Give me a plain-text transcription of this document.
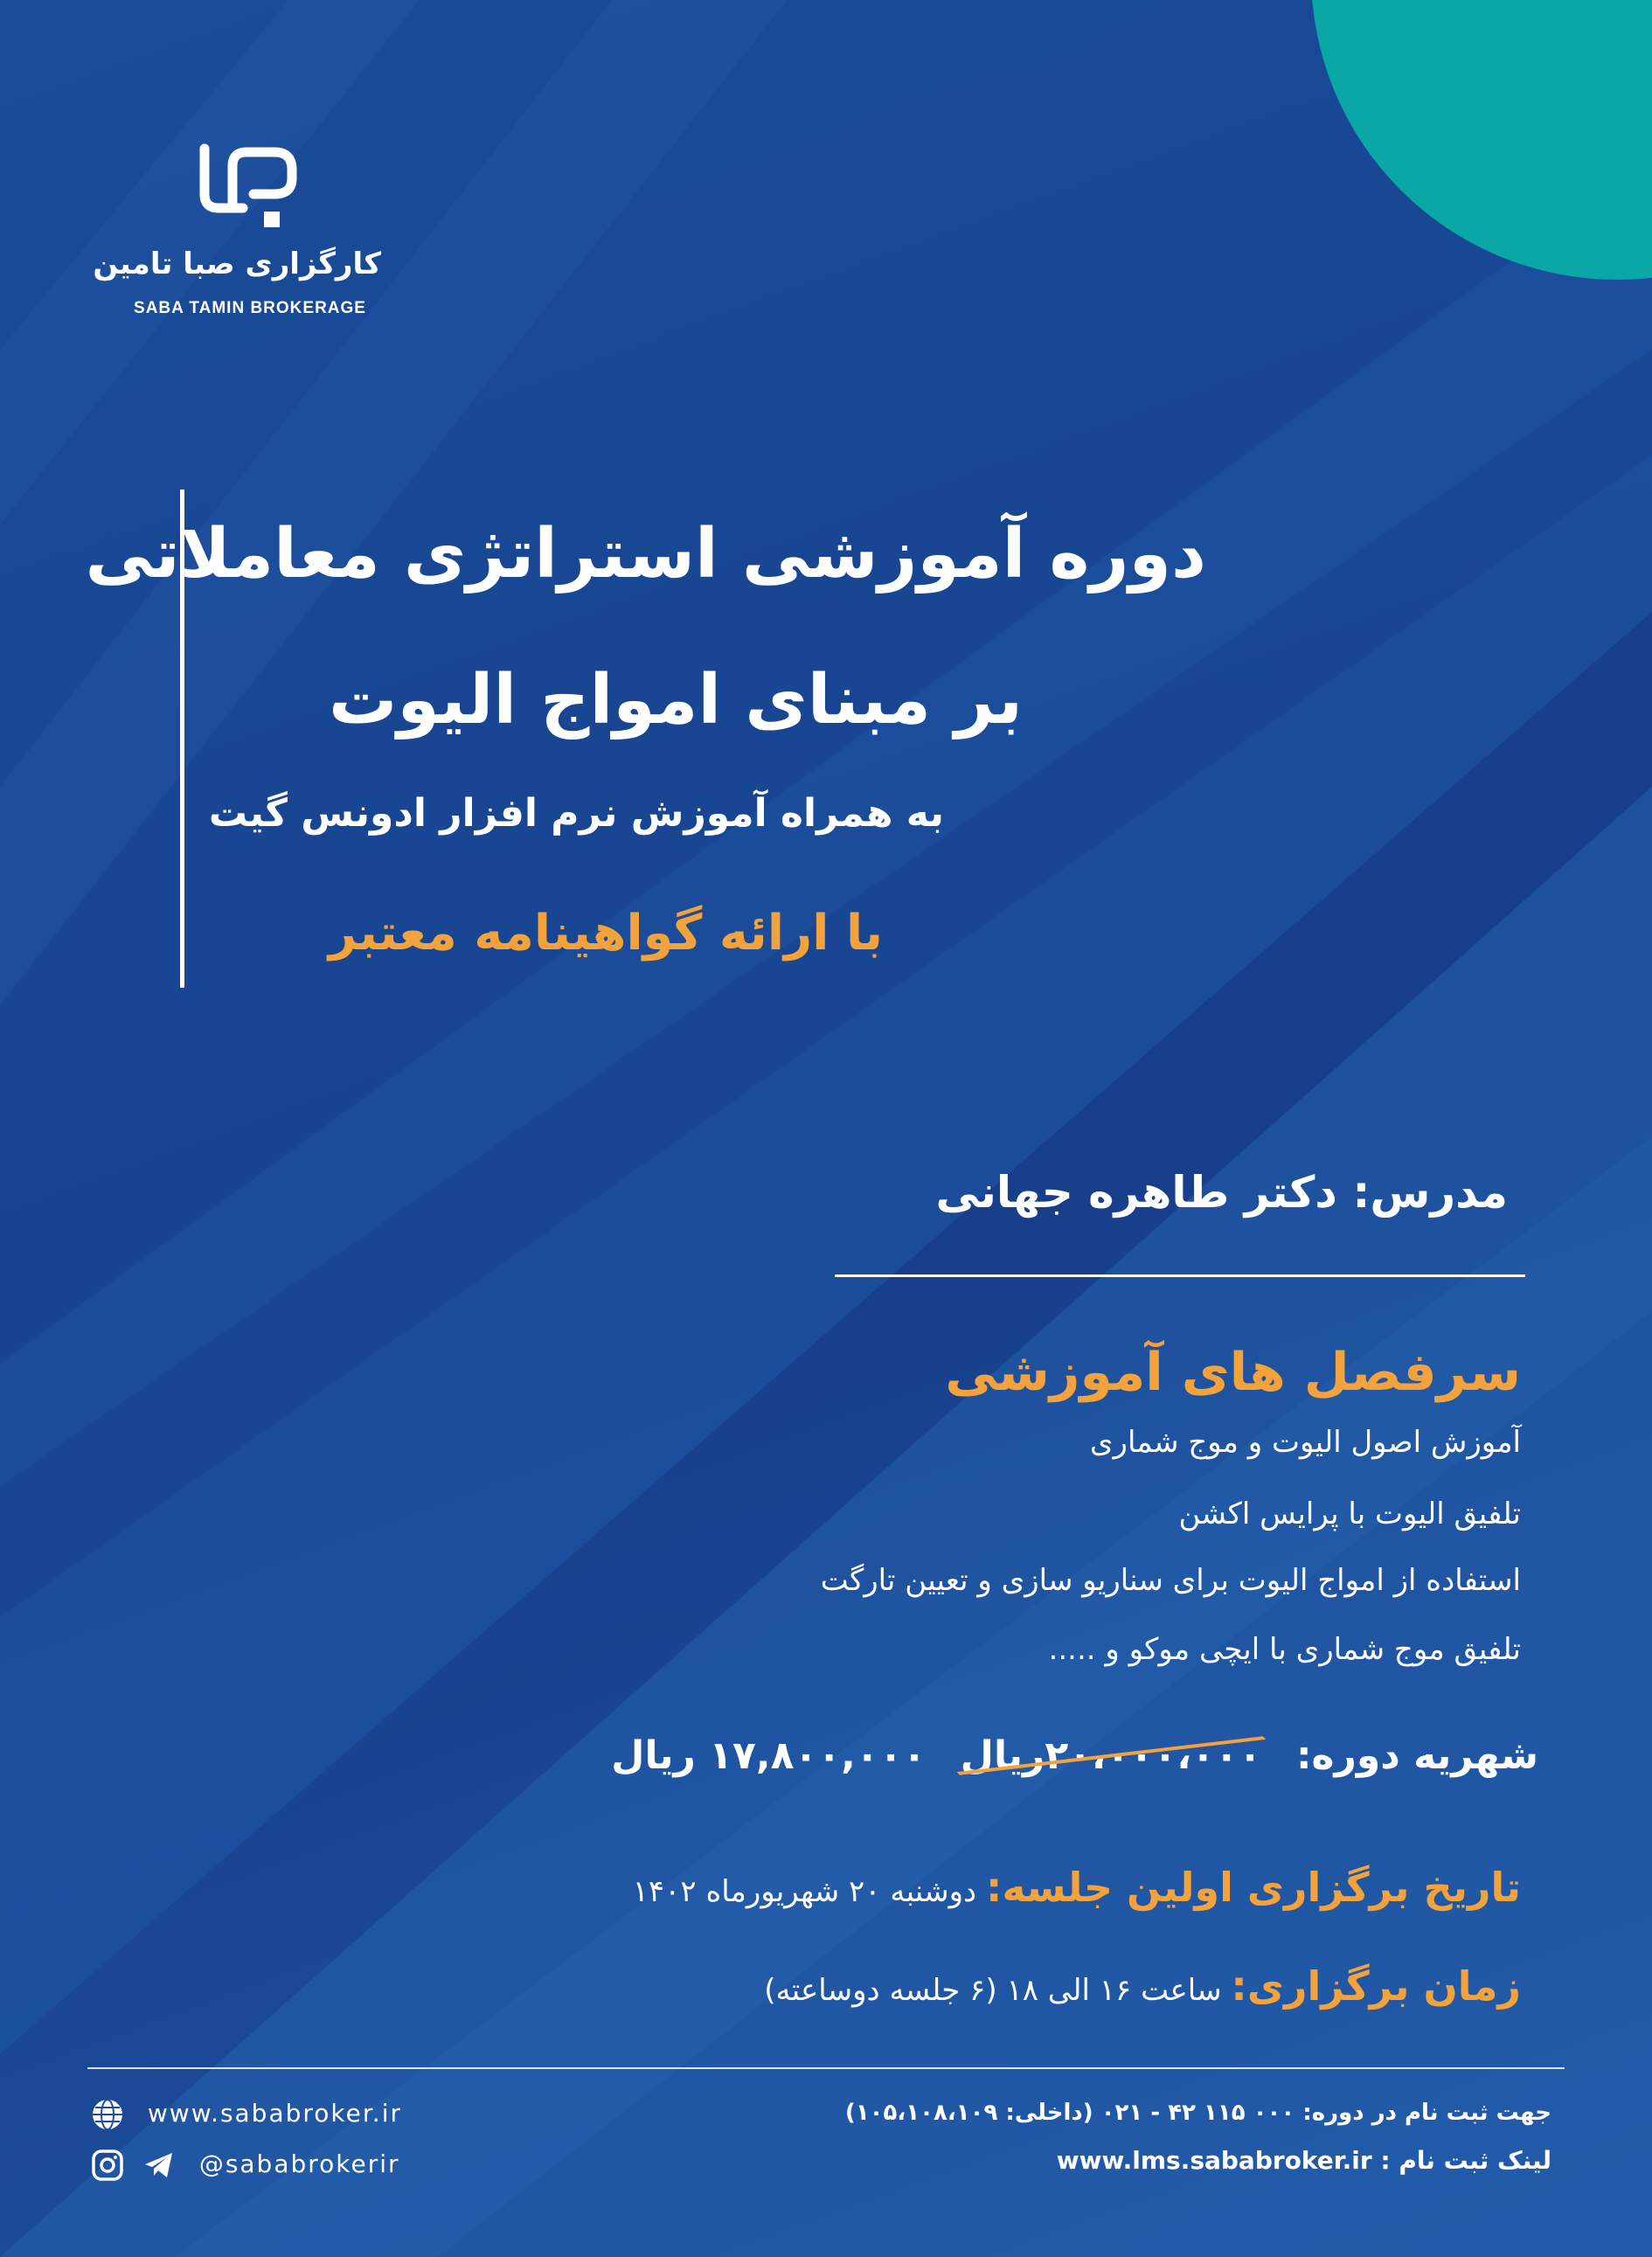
کارگزاری صبا تامین
SABA TAMIN BROKERAGE
دوره آموزشی استراتژی معاملاتی
بر مبنای امواج الیوت
به همراه آموزش نرم افزار ادونس گیت
با ارائه گواهینامه معتبر
مدرس: دکتر طاهره جهانی
سرفصل های آموزشی
آموزش اصول الیوت و موج شماری
تلفیق الیوت با پرایس اکشن
استفاده از امواج الیوت برای سناریو سازی و تعیین تارگت
تلفیق موج شماری با ایچی موکو و .....
شهریه دوره: ۲۰،۰۰۰،۰۰۰ریال
۱۷,۸۰۰,۰۰۰ ریال
تاریخ برگزاری اولین جلسه: دوشنبه ۲۰ شهریورماه ۱۴۰۲
زمان برگزاری: ساعت ۱۶ الی ۱۸ (۶ جلسه دوساعته)
www.sababroker.ir
@sababrokerir
جهت ثبت نام در دوره: ۰۰۰ ۱۱۵ ۴۲ - ۰۲۱ (داخلی: ۱۰۵،۱۰۸،۱۰۹)
لینک ثبت نام : www.lms.sababroker.ir
